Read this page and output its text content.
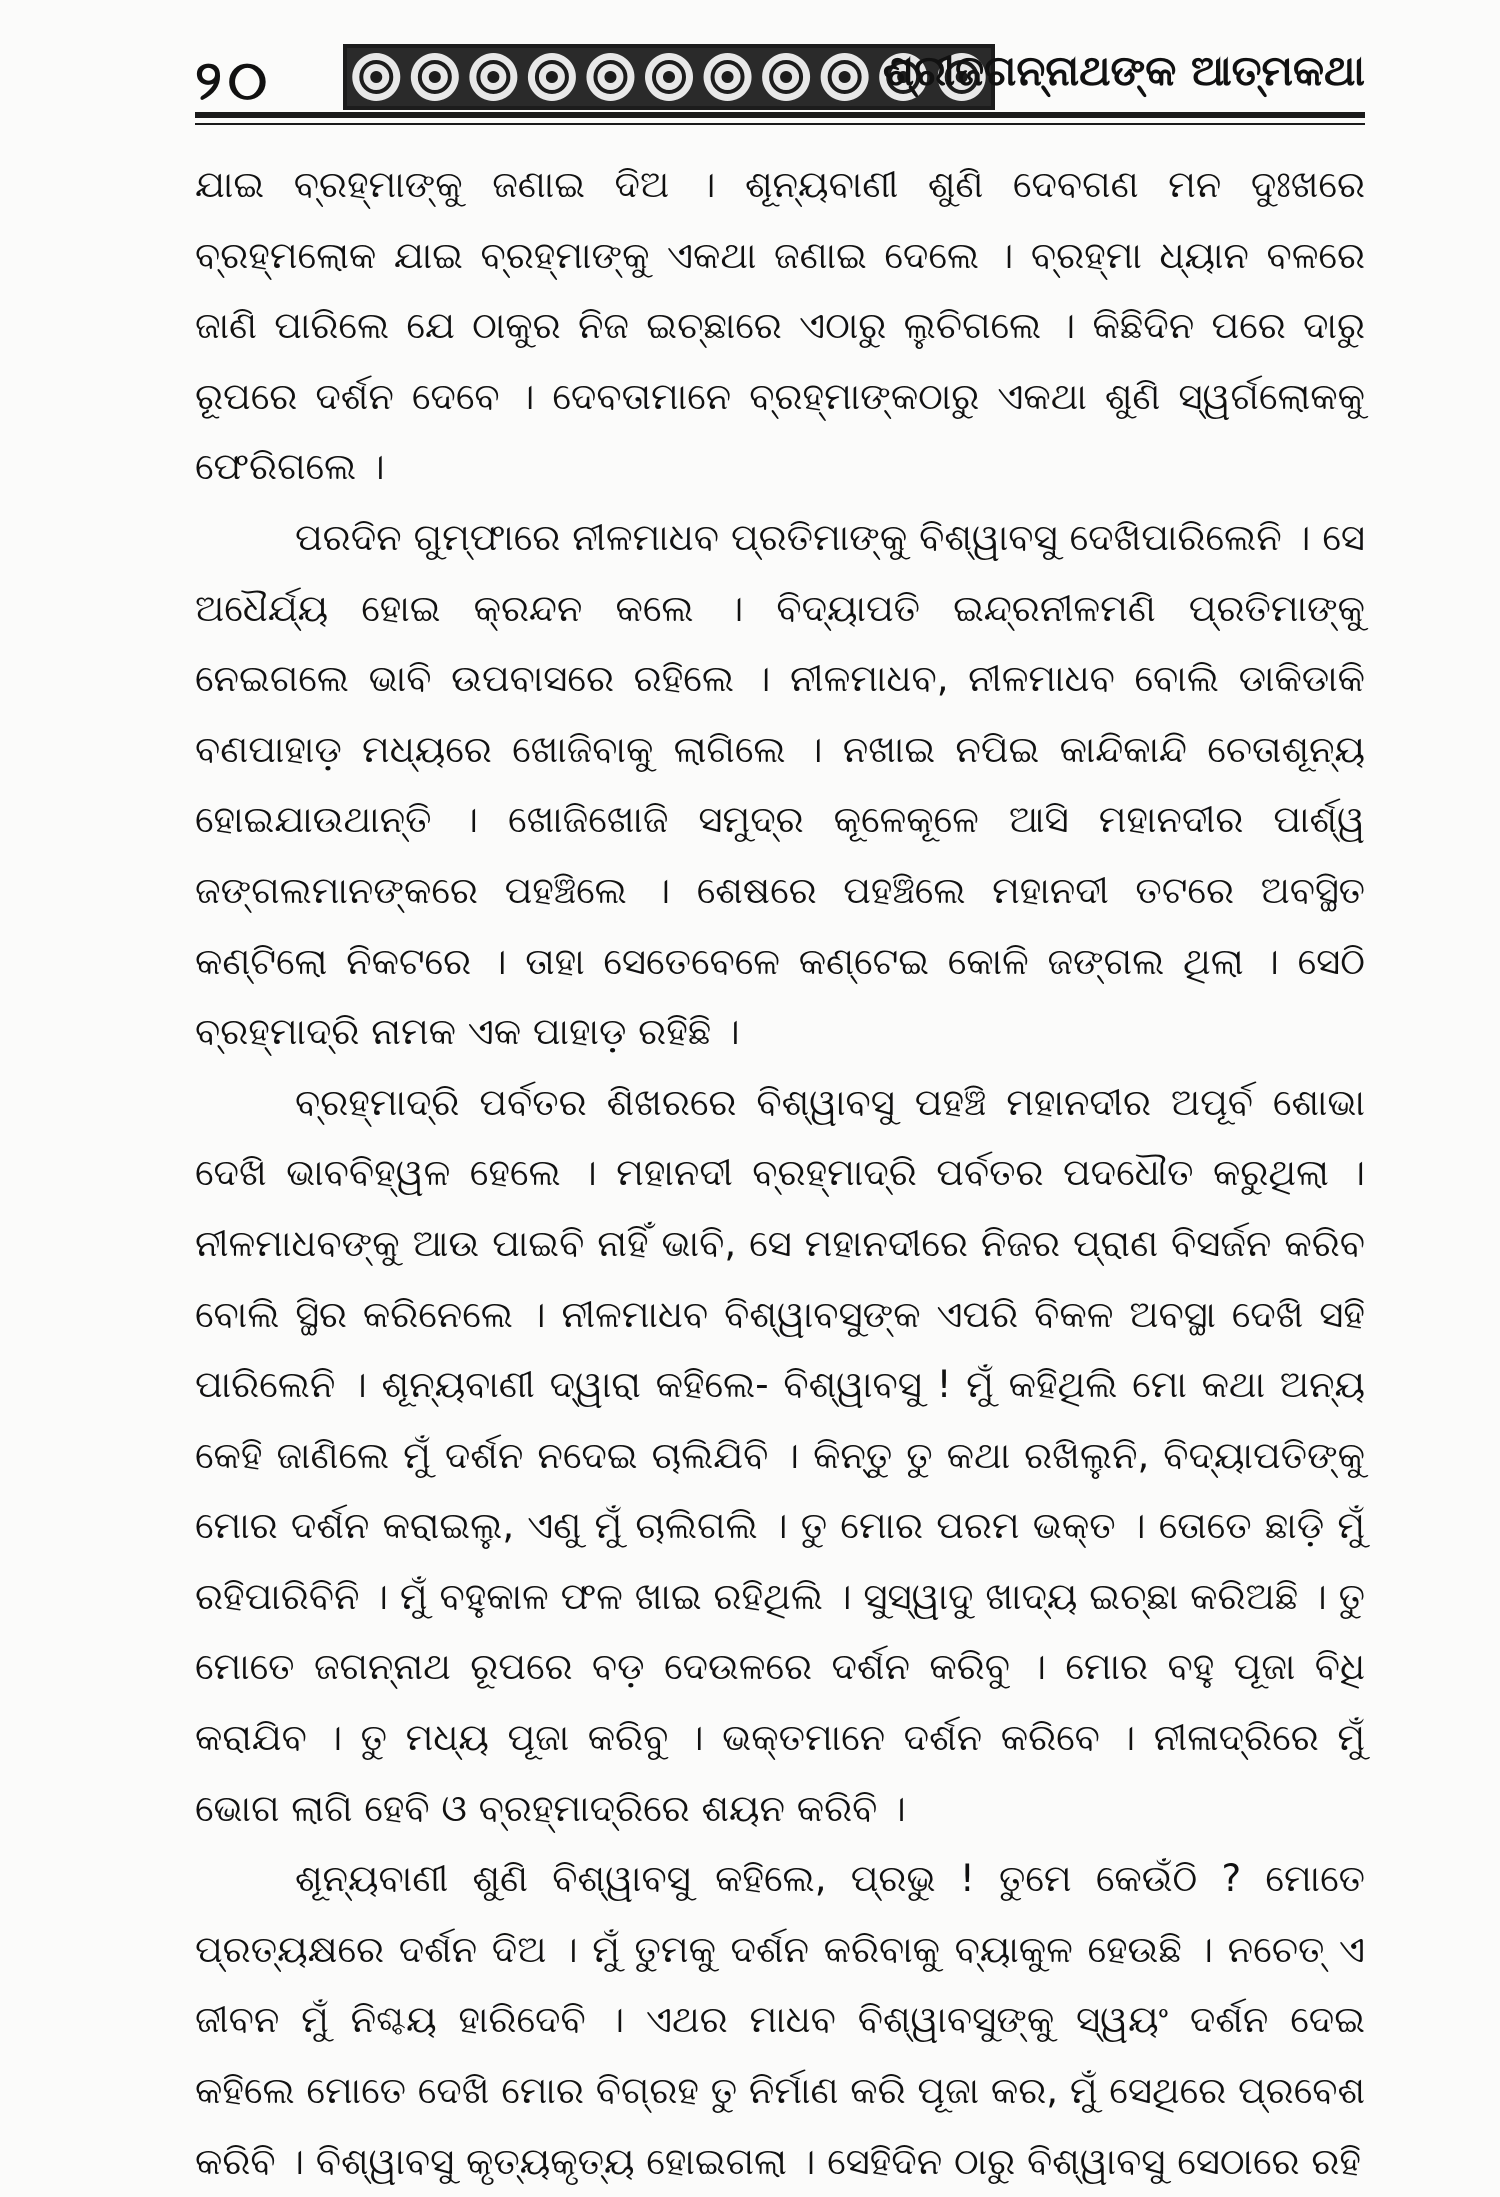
୨୦	ଶ୍ରୀଜଗନ୍ନାଥଙ୍କ ଆତ୍ମକଥା

ଯାଇ ବ୍ରହ୍ମାଙ୍କୁ ଜଣାଇ ଦିଅ । ଶୂନ୍ୟବାଣୀ ଶୁଣି ଦେବଗଣ ମନ ଦୁଃଖରେ ବ୍ରହ୍ମଲୋକ ଯାଇ ବ୍ରହ୍ମାଙ୍କୁ ଏକଥା ଜଣାଇ ଦେଲେ । ବ୍ରହ୍ମା ଧ୍ୟାନ ବଳରେ ଜାଣି ପାରିଲେ ଯେ ଠାକୁର ନିଜ ଇଚ୍ଛାରେ ଏଠାରୁ ଲୁଚିଗଲେ । କିଛିଦିନ ପରେ ଦାରୁ ରୂପରେ ଦର୍ଶନ ଦେବେ । ଦେବତାମାନେ ବ୍ରହ୍ମାଙ୍କଠାରୁ ଏକଥା ଶୁଣି ସ୍ୱର୍ଗଲୋକକୁ ଫେରିଗଲେ ।

ପରଦିନ ଗୁମ୍ଫାରେ ନୀଳମାଧବ ପ୍ରତିମାଙ୍କୁ ବିଶ୍ୱାବସୁ ଦେଖିପାରିଲେନି । ସେ ଅଧୈର୍ଯ୍ୟ ହୋଇ କ୍ରନ୍ଦନ କଲେ । ବିଦ୍ୟାପତି ଇନ୍ଦ୍ରନୀଳମଣି ପ୍ରତିମାଙ୍କୁ ନେଇଗଲେ ଭାବି ଉପବାସରେ ରହିଲେ । ନୀଳମାଧବ, ନୀଳମାଧବ ବୋଲି ଡାକିଡାକି ବଣପାହାଡ଼ ମଧ୍ୟରେ ଖୋଜିବାକୁ ଲାଗିଲେ । ନଖାଇ ନପିଇ କାନ୍ଦିକାନ୍ଦି ଚେତାଶୂନ୍ୟ ହୋଇଯାଉଥାନ୍ତି । ଖୋଜିଖୋଜି ସମୁଦ୍ର କୂଳେକୂଳେ ଆସି ମହାନଦୀର ପାର୍ଶ୍ୱ ଜଙ୍ଗଲମାନଙ୍କରେ ପହଞ୍ଚିଲେ । ଶେଷରେ ପହଞ୍ଚିଲେ ମହାନଦୀ ତଟରେ ଅବସ୍ଥିତ କଣ୍ଟିଲୋ ନିକଟରେ । ତାହା ସେତେବେଳେ କଣ୍ଟେଇ କୋଳି ଜଙ୍ଗଲ ଥିଲା । ସେଠି ବ୍ରହ୍ମାଦ୍ରି ନାମକ ଏକ ପାହାଡ଼ ରହିଛି ।

ବ୍ରହ୍ମାଦ୍ରି ପର୍ବତର ଶିଖରରେ ବିଶ୍ୱାବସୁ ପହଞ୍ଚି ମହାନଦୀର ଅପୂର୍ବ ଶୋଭା ଦେଖି ଭାବବିହ୍ୱଳ ହେଲେ । ମହାନଦୀ ବ୍ରହ୍ମାଦ୍ରି ପର୍ବତର ପଦଧୌତ କରୁଥିଲା । ନୀଳମାଧବଙ୍କୁ ଆଉ ପାଇବି ନାହିଁ ଭାବି, ସେ ମହାନଦୀରେ ନିଜର ପ୍ରାଣ ବିସର୍ଜନ କରିବ ବୋଲି ସ୍ଥିର କରିନେଲେ । ନୀଳମାଧବ ବିଶ୍ୱାବସୁଙ୍କ ଏପରି ବିକଳ ଅବସ୍ଥା ଦେଖି ସହି ପାରିଲେନି । ଶୂନ୍ୟବାଣୀ ଦ୍ୱାରା କହିଲେ- ବିଶ୍ୱାବସୁ ! ମୁଁ କହିଥିଲି ମୋ କଥା ଅନ୍ୟ କେହି ଜାଣିଲେ ମୁଁ ଦର୍ଶନ ନଦେଇ ଚାଲିଯିବି । କିନ୍ତୁ ତୁ କଥା ରଖିଲୁନି, ବିଦ୍ୟାପତିଙ୍କୁ ମୋର ଦର୍ଶନ କରାଇଲୁ, ଏଣୁ ମୁଁ ଚାଲିଗଲି । ତୁ ମୋର ପରମ ଭକ୍ତ । ତୋତେ ଛାଡ଼ି ମୁଁ ରହିପାରିବିନି । ମୁଁ ବହୁକାଳ ଫଳ ଖାଇ ରହିଥିଲି । ସୁସ୍ୱାଦୁ ଖାଦ୍ୟ ଇଚ୍ଛା କରିଅଛି । ତୁ ମୋତେ ଜଗନ୍ନାଥ ରୂପରେ ବଡ଼ ଦେଉଳରେ ଦର୍ଶନ କରିବୁ । ମୋର ବହୁ ପୂଜା ବିଧି କରାଯିବ । ତୁ ମଧ୍ୟ ପୂଜା କରିବୁ । ଭକ୍ତମାନେ ଦର୍ଶନ କରିବେ । ନୀଳାଦ୍ରିରେ ମୁଁ ଭୋଗ ଲାଗି ହେବି ଓ ବ୍ରହ୍ମାଦ୍ରିରେ ଶୟନ କରିବି ।

ଶୂନ୍ୟବାଣୀ ଶୁଣି ବିଶ୍ୱାବସୁ କହିଲେ, ପ୍ରଭୁ ! ତୁମେ କେଉଁଠି ? ମୋତେ ପ୍ରତ୍ୟକ୍ଷରେ ଦର୍ଶନ ଦିଅ । ମୁଁ ତୁମକୁ ଦର୍ଶନ କରିବାକୁ ବ୍ୟାକୁଳ ହେଉଛି । ନଚେତ୍ ଏ ଜୀବନ ମୁଁ ନିଶ୍ଚୟ ହାରିଦେବି । ଏଥର ମାଧବ ବିଶ୍ୱାବସୁଙ୍କୁ ସ୍ୱୟଂ ଦର୍ଶନ ଦେଇ କହିଲେ ମୋତେ ଦେଖି ମୋର ବିଗ୍ରହ ତୁ ନିର୍ମାଣ କରି ପୂଜା କର, ମୁଁ ସେଥିରେ ପ୍ରବେଶ କରିବି । ବିଶ୍ୱାବସୁ କୃତ୍ୟକୃତ୍ୟ ହୋଇଗଲା । ସେହିଦିନ ଠାରୁ ବିଶ୍ୱାବସୁ ସେଠାରେ ରହି
